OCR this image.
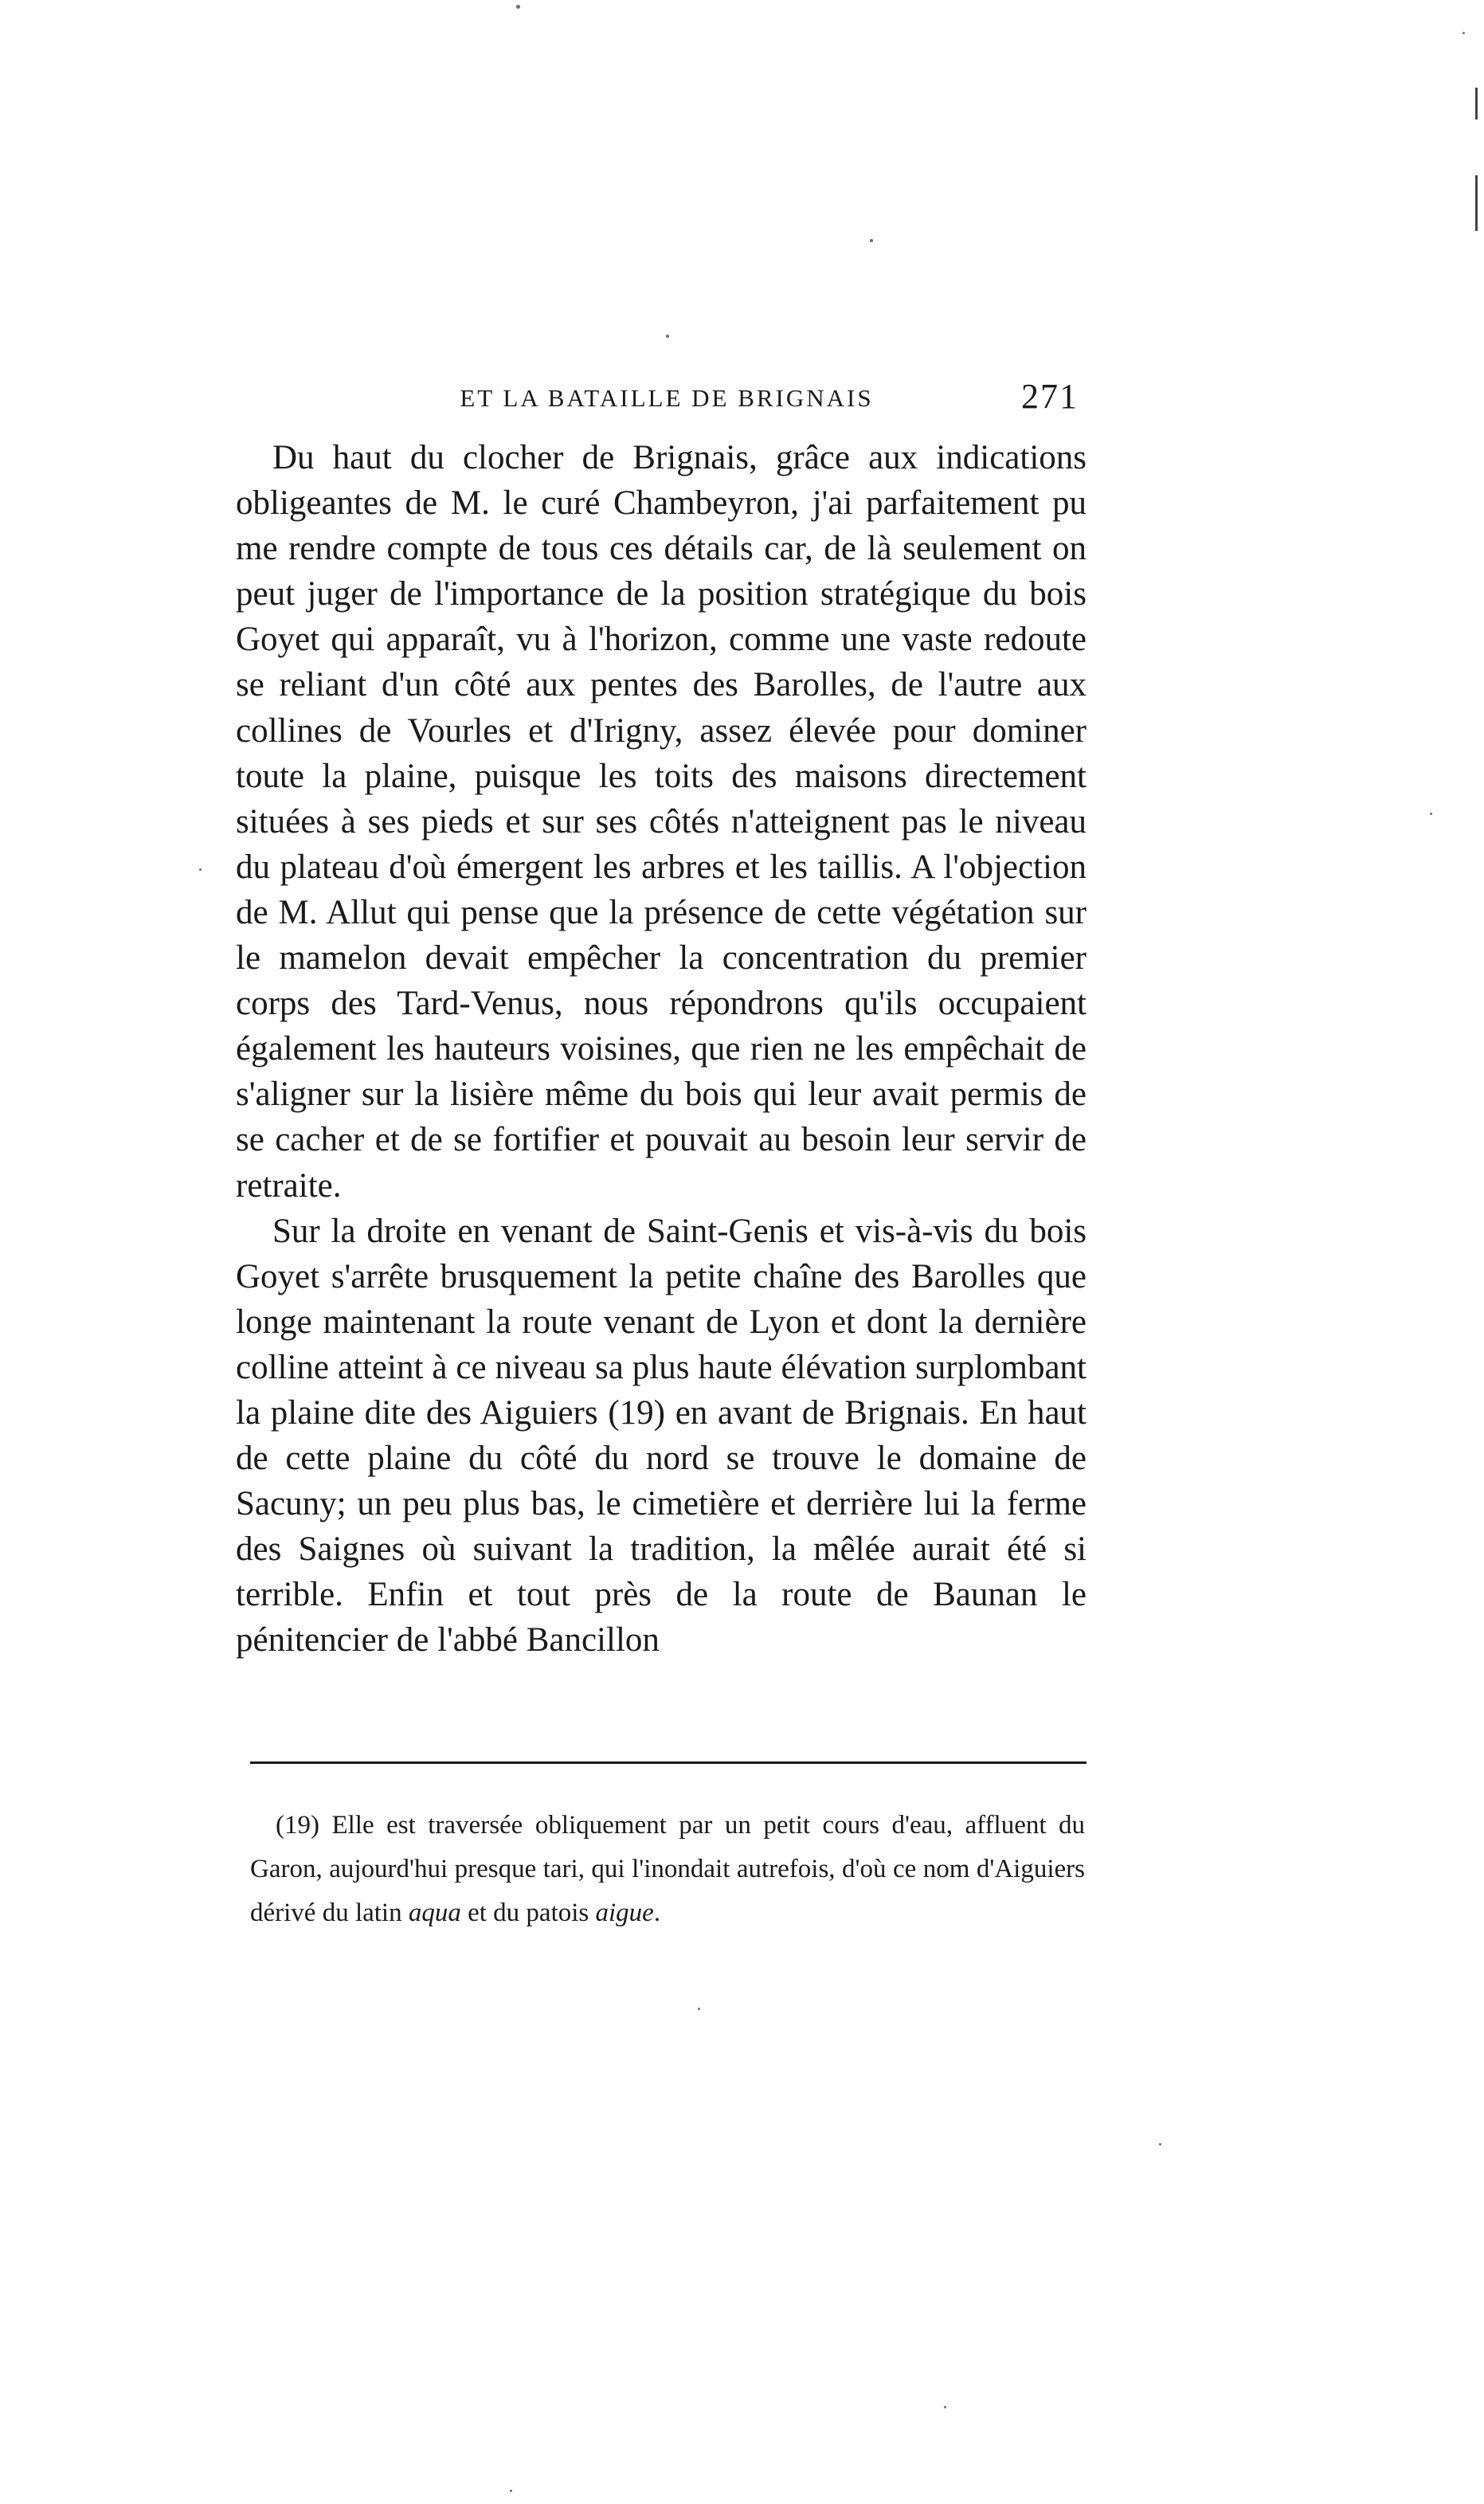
ET LA BATAILLE DE BRIGNAIS	271

Du haut du clocher de Brignais, grâce aux indications obligeantes de M. le curé Chambeyron, j'ai parfaitement pu me rendre compte de tous ces détails car, de là seulement on peut juger de l'importance de la position stratégique du bois Goyet qui apparaît, vu à l'horizon, comme une vaste redoute se reliant d'un côté aux pentes des Barolles, de l'autre aux collines de Vourles et d'Irigny, assez élevée pour dominer toute la plaine, puisque les toits des maisons directement situées à ses pieds et sur ses côtés n'atteignent pas le niveau du plateau d'où émergent les arbres et les taillis. A l'objection de M. Allut qui pense que la présence de cette végétation sur le mamelon devait empêcher la concentration du premier corps des Tard-Venus, nous répondrons qu'ils occupaient également les hauteurs voisines, que rien ne les empêchait de s'aligner sur la lisière même du bois qui leur avait permis de se cacher et de se fortifier et pouvait au besoin leur servir de retraite.

Sur la droite en venant de Saint-Genis et vis-à-vis du bois Goyet s'arrête brusquement la petite chaîne des Barolles que longe maintenant la route venant de Lyon et dont la dernière colline atteint à ce niveau sa plus haute élévation surplombant la plaine dite des Aiguiers (19) en avant de Brignais. En haut de cette plaine du côté du nord se trouve le domaine de Sacuny; un peu plus bas, le cimetière et derrière lui la ferme des Saignes où suivant la tradition, la mêlée aurait été si terrible. Enfin et tout près de la route de Baunan le pénitencier de l'abbé Bancillon

(19) Elle est traversée obliquement par un petit cours d'eau, affluent du Garon, aujourd'hui presque tari, qui l'inondait autrefois, d'où ce nom d'Aiguiers dérivé du latin aqua et du patois aigue.
